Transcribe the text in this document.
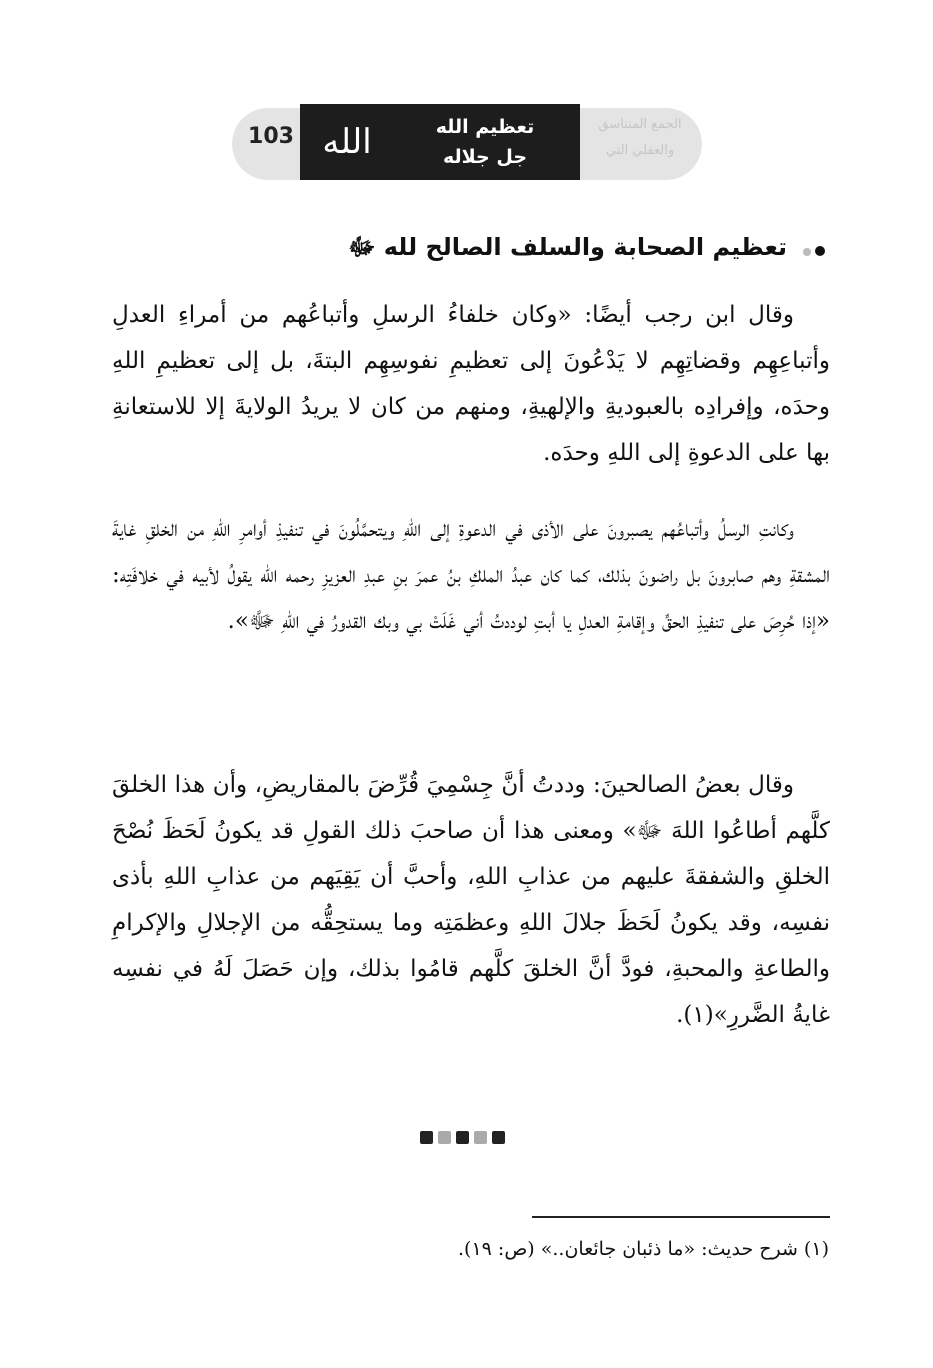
103 الله جل جلاله
تعظيم الله
جل جلاله
الجمع المتناسق
والعقلي التي
تعظيم الصحابة والسلف الصالح لله ﷻ
وقال ابن رجب أيضًا: «وكان خلفاءُ الرسلِ وأتباعُهم من أمراءِ العدلِ وأتباعِهِم وقضاتِهِم لا يَدْعُونَ إلى تعظيمِ نفوسِهِم البتةَ، بل إلى تعظيمِ اللهِ وحدَه، وإفرادِه بالعبوديةِ والإلهيةِ، ومنهم من كان لا يريدُ الولايةَ إلا للاستعانةِ بها على الدعوةِ إلى اللهِ وحدَه.
وكانتِ الرسلُ وأتباعُهم يصبرونَ على الأذى في الدعوةِ إلى اللهِ ويتحمَّلُونَ في تنفيذِ أوامرِ اللهِ من الخلقِ غايةَ المشقةِ وهم صابرونَ بل راضونَ بذلك، كما كان عبدُ الملكِ بنُ عمرَ بنِ عبدِ العزيزِ رحمه الله يقولُ لأبيه في خلافَتِه: «إذا حُرِصَ على تنفيذِ الحقِّ وإقامةِ العدلِ يا أبتِ لوددتُ أني غَلَتْ بي وبك القدورُ في اللهِ ﷻ».
وقال بعضُ الصالحينَ: وددتُ أنَّ جِسْمِيَ قُرِّضَ بالمقاريضِ، وأن هذا الخلقَ كلَّهم أطاعُوا اللهَ ﷻ» ومعنى هذا أن صاحبَ ذلك القولِ قد يكونُ لَحَظَ نُصْحَ الخلقِ والشفقةَ عليهم من عذابِ اللهِ، وأحبَّ أن يَقِيَهم من عذابِ اللهِ بأذى نفسِه، وقد يكونُ لَحَظَ جلالَ اللهِ وعظمَتِه وما يستحِقُّه من الإجلالِ والإكرامِ والطاعةِ والمحبةِ، فودَّ أنَّ الخلقَ كلَّهم قامُوا بذلك، وإن حَصَلَ لَهُ في نفسِه غايةُ الضَّررِ»(١).
(١) شرح حديث: «ما ذئبان جائعان..» (ص: ١٩).
